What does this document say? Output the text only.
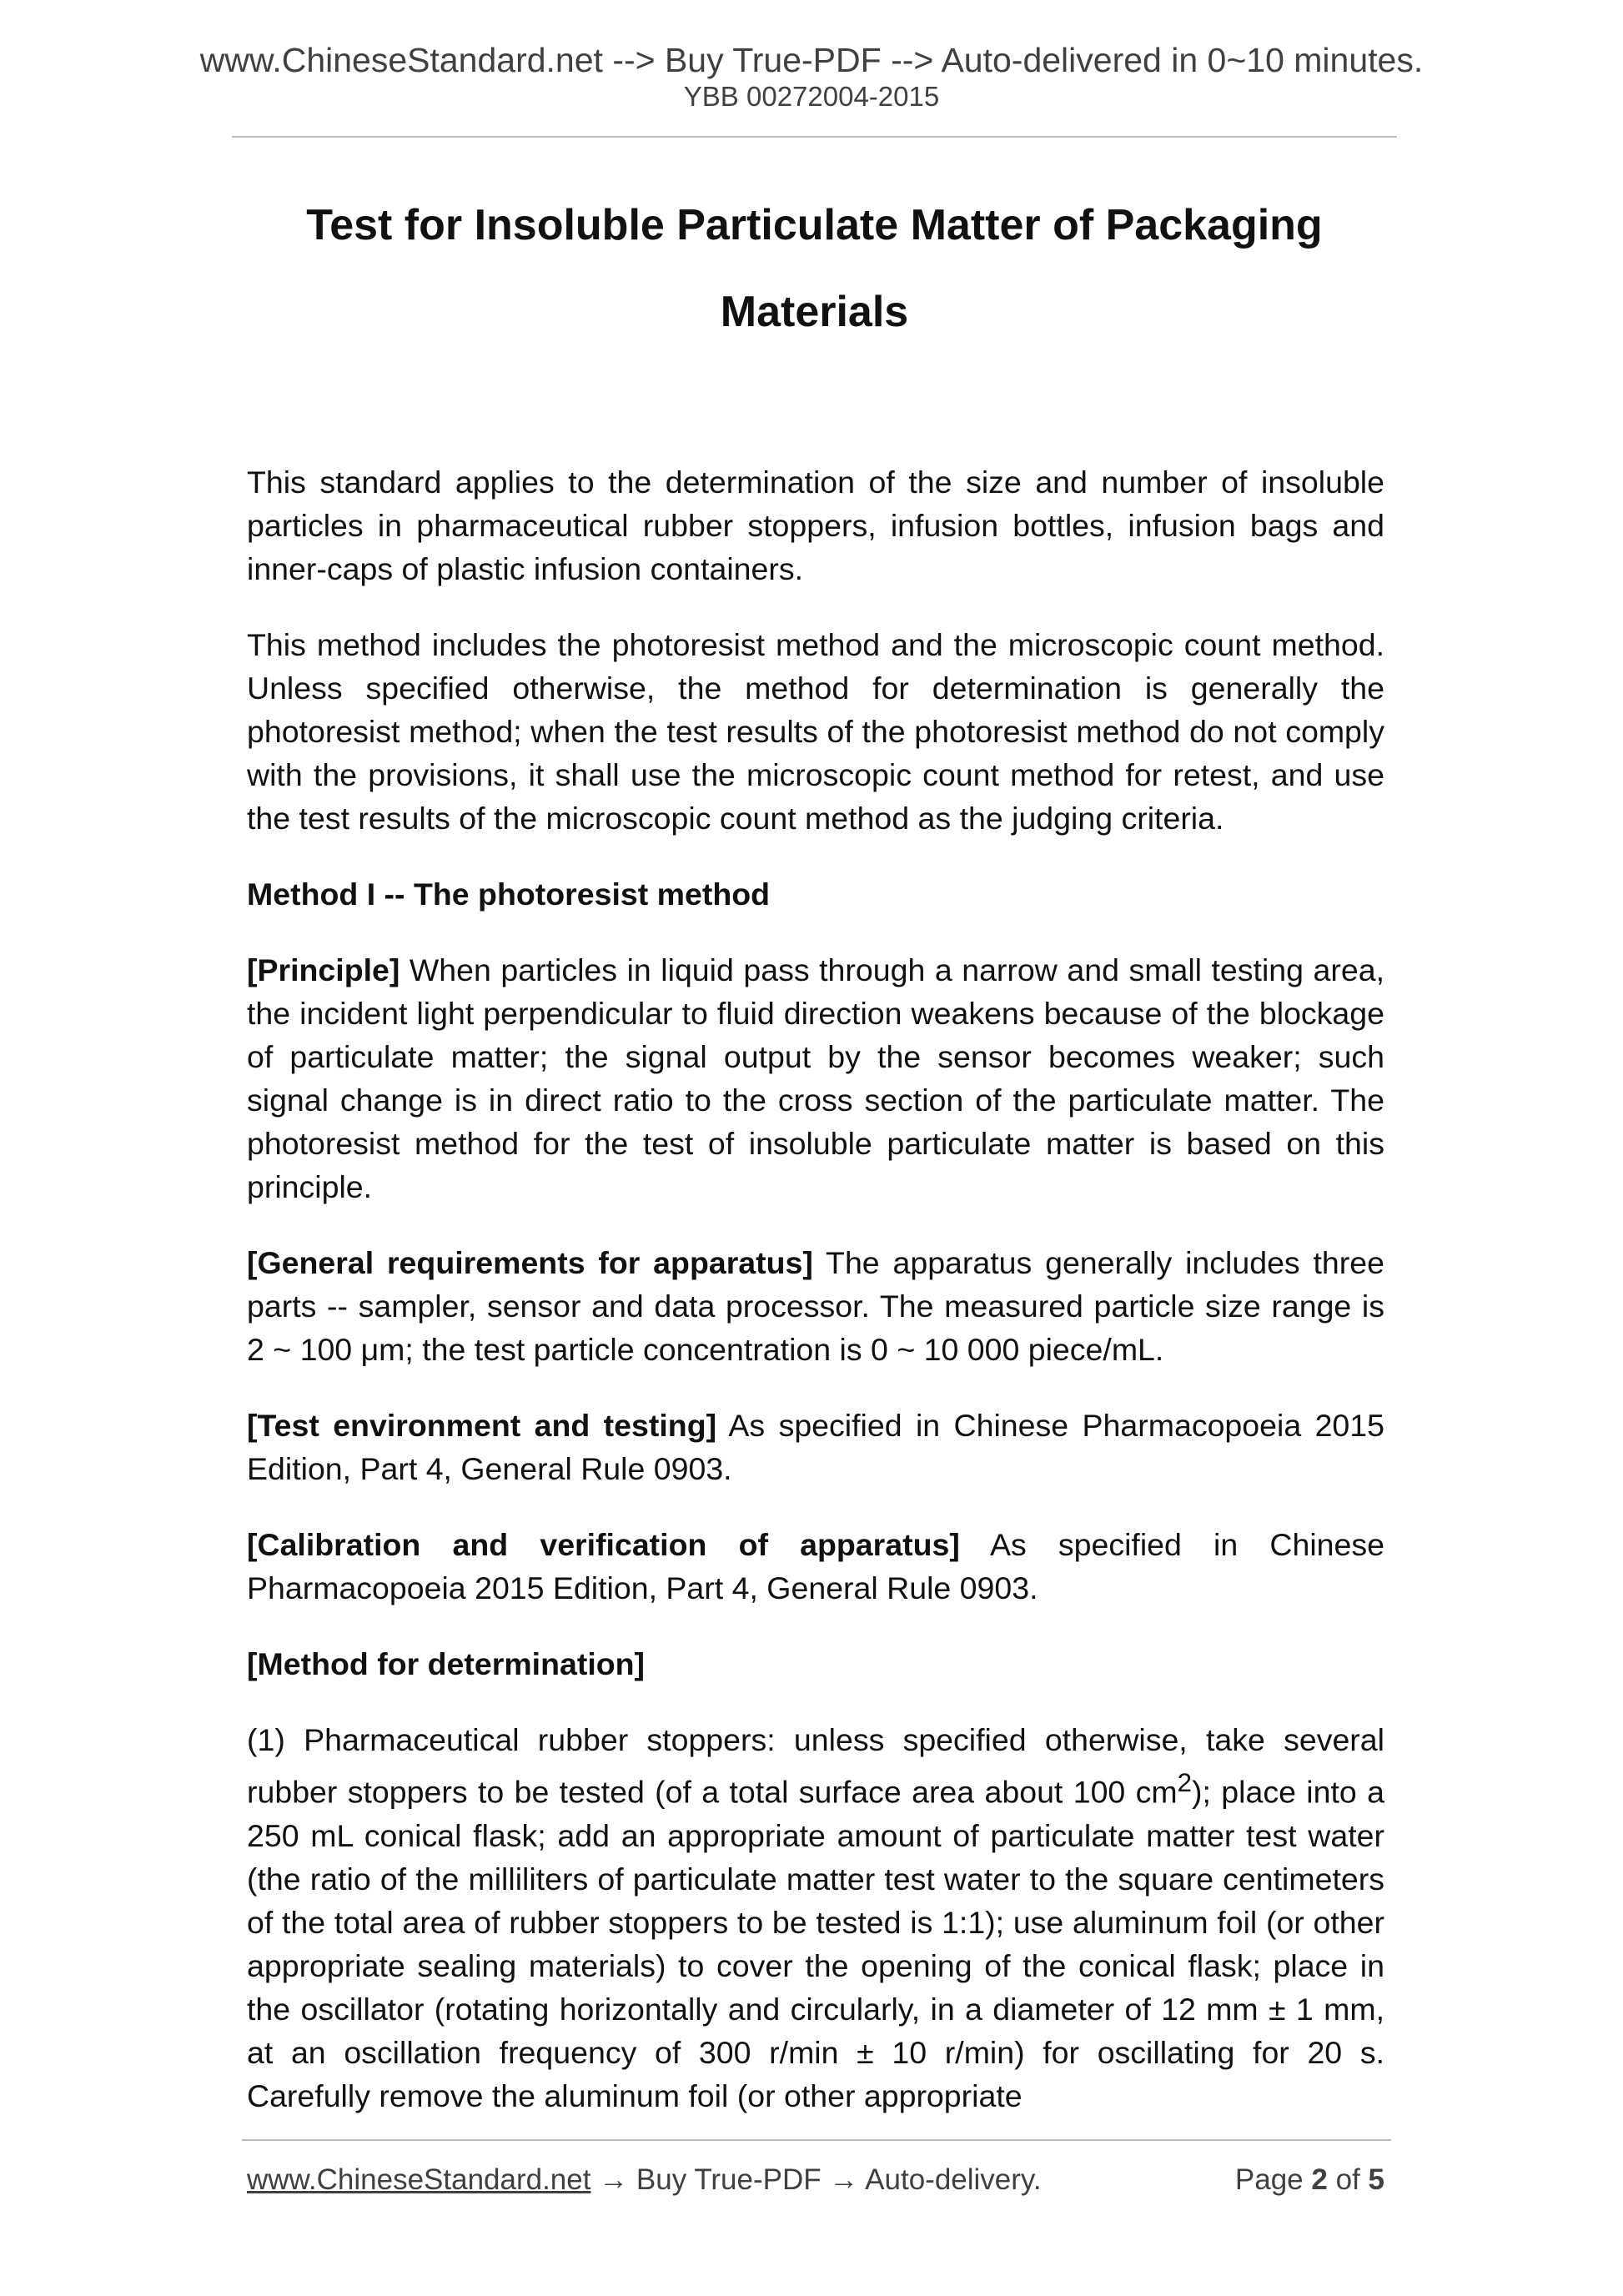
www.ChineseStandard.net --> Buy True-PDF --> Auto-delivered in 0~10 minutes.
YBB 00272004-2015
Test for Insoluble Particulate Matter of Packaging
Materials

This standard applies to the determination of the size and number of insoluble particles in pharmaceutical rubber stoppers, infusion bottles, infusion bags and inner-caps of plastic infusion containers.

This method includes the photoresist method and the microscopic count method. Unless specified otherwise, the method for determination is generally the photoresist method; when the test results of the photoresist method do not comply with the provisions, it shall use the microscopic count method for retest, and use the test results of the microscopic count method as the judging criteria.

Method I -- The photoresist method

[Principle] When particles in liquid pass through a narrow and small testing area, the incident light perpendicular to fluid direction weakens because of the blockage of particulate matter; the signal output by the sensor becomes weaker; such signal change is in direct ratio to the cross section of the particulate matter. The photoresist method for the test of insoluble particulate matter is based on this principle.

[General requirements for apparatus] The apparatus generally includes three parts -- sampler, sensor and data processor. The measured particle size range is 2 ~ 100 μm; the test particle concentration is 0 ~ 10 000 piece/mL.

[Test environment and testing] As specified in Chinese Pharmacopoeia 2015 Edition, Part 4, General Rule 0903.

[Calibration and verification of apparatus] As specified in Chinese Pharmacopoeia 2015 Edition, Part 4, General Rule 0903.

[Method for determination]

(1) Pharmaceutical rubber stoppers: unless specified otherwise, take several rubber stoppers to be tested (of a total surface area about 100 $cm^2$); place into a 250 mL conical flask; add an appropriate amount of particulate matter test water (the ratio of the milliliters of particulate matter test water to the square centimeters of the total area of rubber stoppers to be tested is 1:1); use aluminum foil (or other appropriate sealing materials) to cover the opening of the conical flask; place in the oscillator (rotating horizontally and circularly, in a diameter of 12 mm ± 1 mm, at an oscillation frequency of 300 r/min ± 10 r/min) for oscillating for 20 s. Carefully remove the aluminum foil (or other appropriate

www.ChineseStandard.net → Buy True-PDF → Auto-delivery.	Page 2 of 5
